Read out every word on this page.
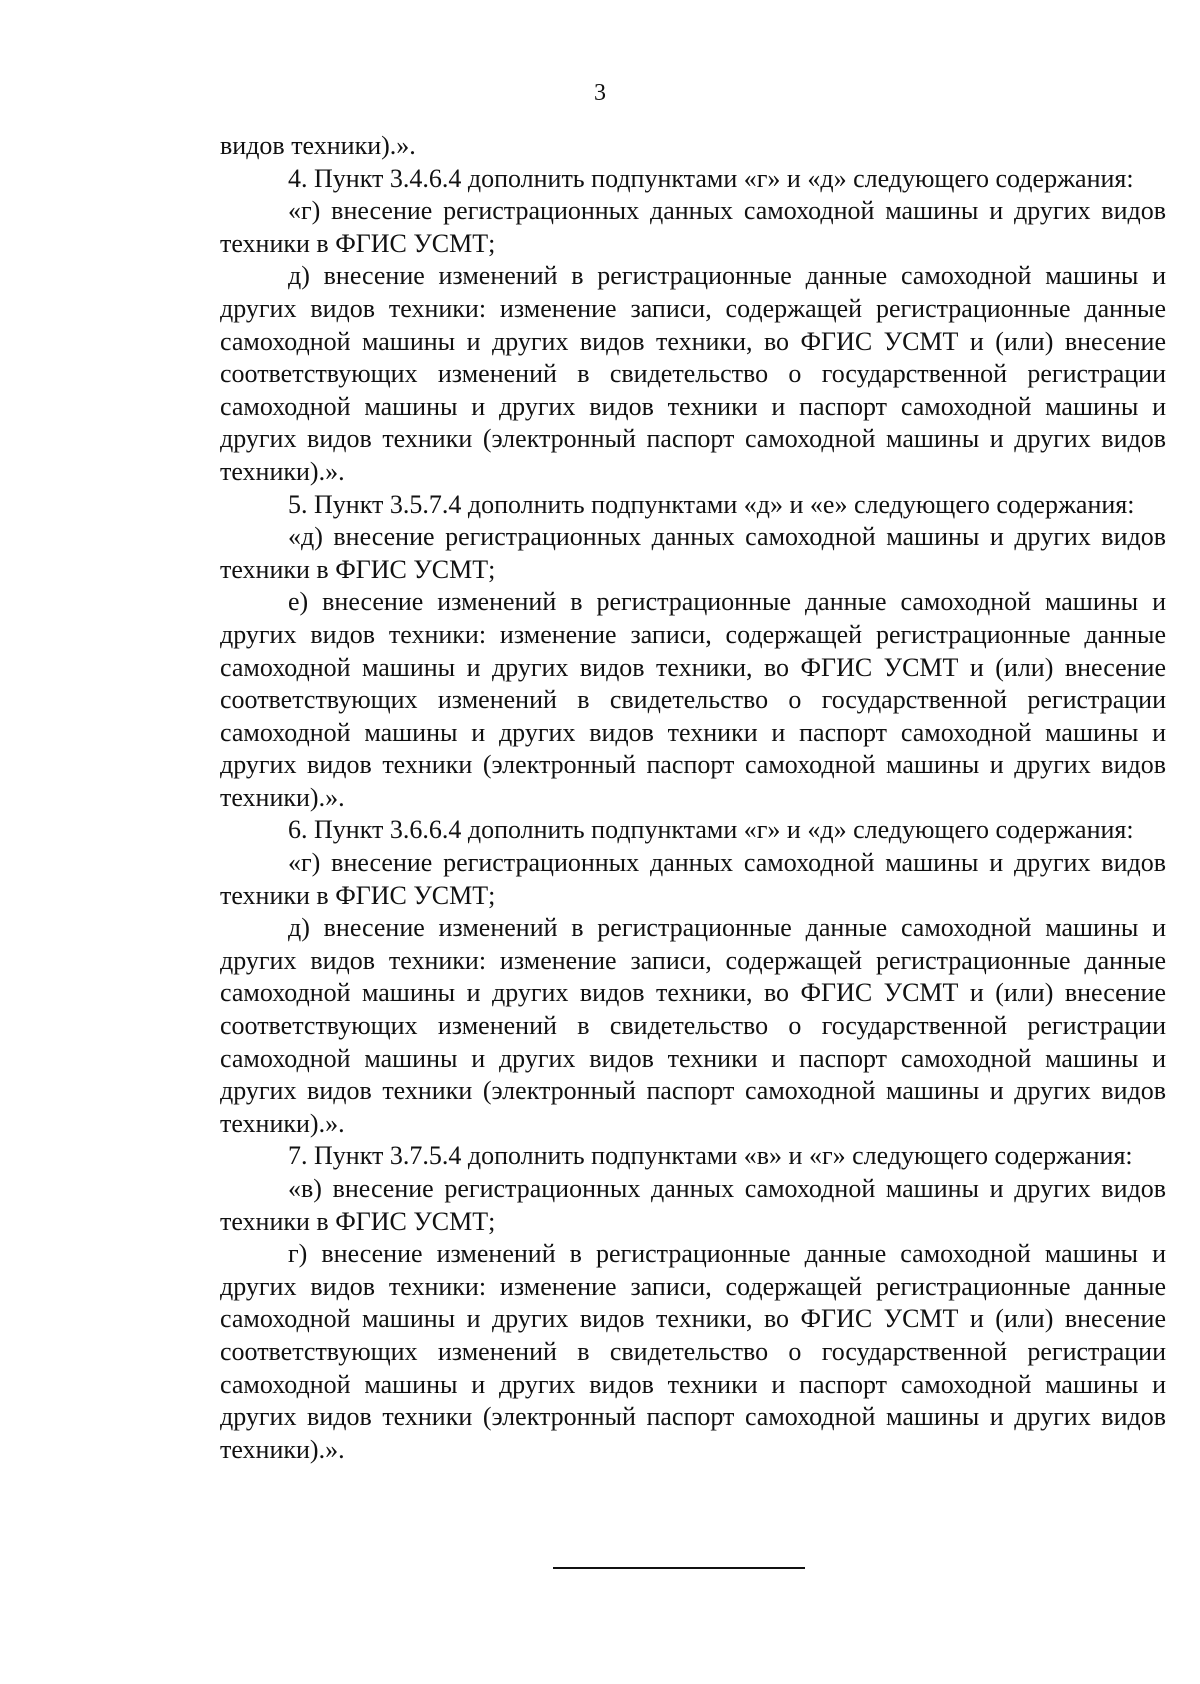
3

видов техники).».

4. Пункт 3.4.6.4 дополнить подпунктами «г» и «д» следующего содержания:

«г) внесение регистрационных данных самоходной машины и других видов техники в ФГИС УСМТ;

д) внесение изменений в регистрационные данные самоходной машины и других видов техники: изменение записи, содержащей регистрационные данные самоходной машины и других видов техники, во ФГИС УСМТ и (или) внесение соответствующих изменений в свидетельство о государственной регистрации самоходной машины и других видов техники и паспорт самоходной машины и других видов техники (электронный паспорт самоходной машины и других видов техники).».

5. Пункт 3.5.7.4 дополнить подпунктами «д» и «е» следующего содержания:

«д) внесение регистрационных данных самоходной машины и других видов техники в ФГИС УСМТ;

е) внесение изменений в регистрационные данные самоходной машины и других видов техники: изменение записи, содержащей регистрационные данные самоходной машины и других видов техники, во ФГИС УСМТ и (или) внесение соответствующих изменений в свидетельство о государственной регистрации самоходной машины и других видов техники и паспорт самоходной машины и других видов техники (электронный паспорт самоходной машины и других видов техники).».

6. Пункт 3.6.6.4 дополнить подпунктами «г» и «д» следующего содержания:

«г) внесение регистрационных данных самоходной машины и других видов техники в ФГИС УСМТ;

д) внесение изменений в регистрационные данные самоходной машины и других видов техники: изменение записи, содержащей регистрационные данные самоходной машины и других видов техники, во ФГИС УСМТ и (или) внесение соответствующих изменений в свидетельство о государственной регистрации самоходной машины и других видов техники и паспорт самоходной машины и других видов техники (электронный паспорт самоходной машины и других видов техники).».

7. Пункт 3.7.5.4 дополнить подпунктами «в» и «г» следующего содержания:

«в) внесение регистрационных данных самоходной машины и других видов техники в ФГИС УСМТ;

г) внесение изменений в регистрационные данные самоходной машины и других видов техники: изменение записи, содержащей регистрационные данные самоходной машины и других видов техники, во ФГИС УСМТ и (или) внесение соответствующих изменений в свидетельство о государственной регистрации самоходной машины и других видов техники и паспорт самоходной машины и других видов техники (электронный паспорт самоходной машины и других видов техники).».
